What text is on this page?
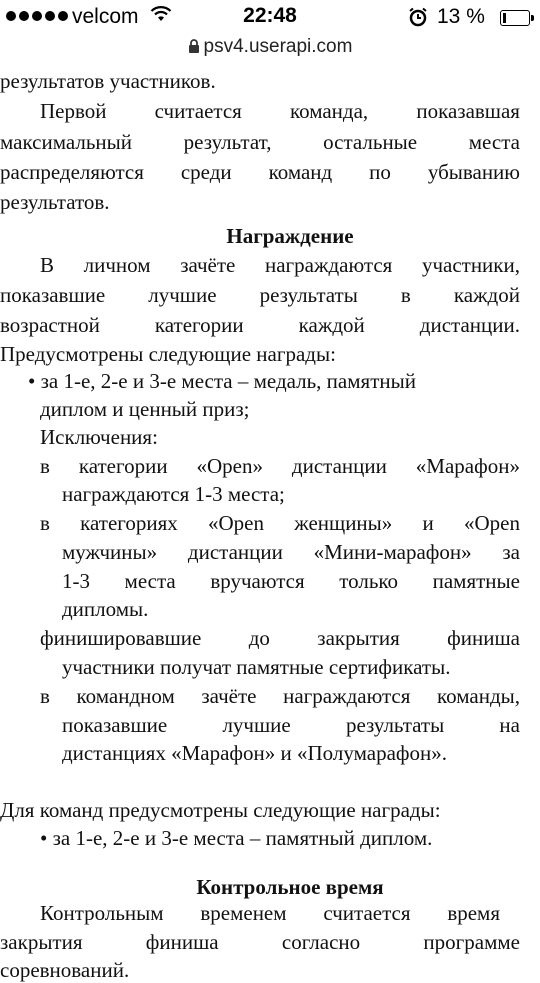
velcom	22:48	13 %
psv4.userapi.com
результатов участников.
Первой считается команда, показавшая
максимальный результат, остальные места
распределяются среди команд по убыванию
результатов.
Награждение
В личном зачёте награждаются участники,
показавшие лучшие результаты в каждой
возрастной	категории	каждой	дистанции.
Предусмотрены следующие награды:
• за 1-е, 2-е и 3-е места – медаль, памятный
диплом и ценный приз;
Исключения:
в категории «Open» дистанции «Марафон»
награждаются 1-3 места;
в категориях «Open женщины» и «Open
мужчины» дистанции «Мини-марафон» за
1-3 места вручаются только памятные
дипломы.
финишировавшие до закрытия финиша
участники получат памятные сертификаты.
в командном зачёте награждаются команды,
показавшие	лучшие	результаты	на
дистанциях «Марафон» и «Полумарафон».
Для команд предусмотрены следующие награды:
• за 1-е, 2-е и 3-е места – памятный диплом.
Контрольное время
Контрольным временем считается время
закрытия	финиша	согласно	программе
соревнований.
